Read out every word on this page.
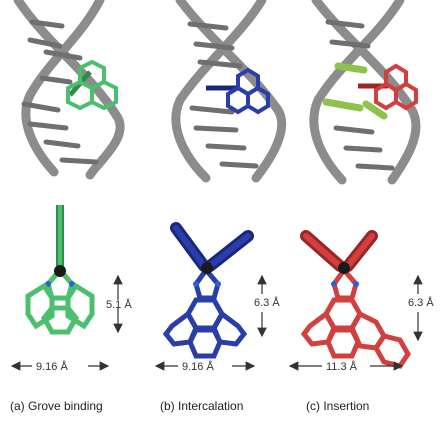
5.1 Å
9.16 Å
6.3 Å
9.16 Å
6.3 Å
11.3 Å
(a) Grove binding	(b) Intercalation	(c) Insertion
